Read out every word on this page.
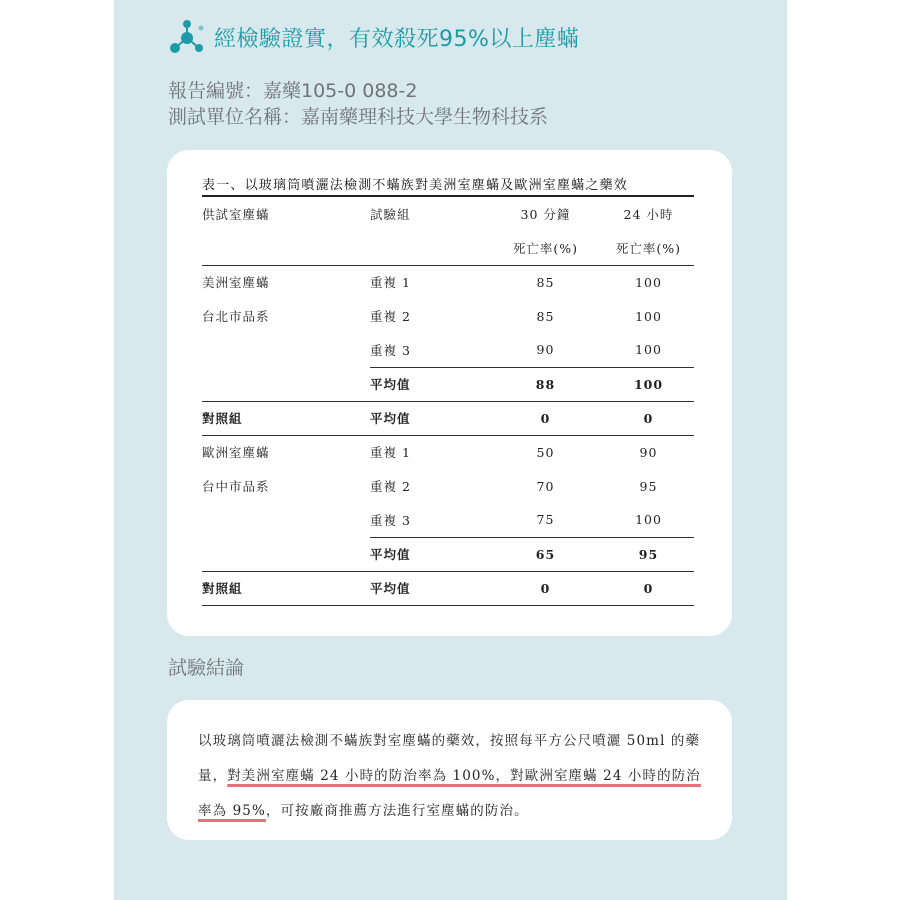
經檢驗證實，有效殺死95%以上塵蟎
報告編號：嘉藥105-0 088-2
測試單位名稱：嘉南藥理科技大學生物科技系
表一、以玻璃筒噴灑法檢測不蟎族對美洲室塵蟎及歐洲室塵蟎之藥效
供試室塵蟎	試驗組	30 分鐘	24 小時
		死亡率(%)	死亡率(%)
美洲室塵蟎	重複 1	85	100
台北市品系	重複 2	85	100
	重複 3	90	100
	平均值	88	100
對照組	平均值	0	0
歐洲室塵蟎	重複 1	50	90
台中市品系	重複 2	70	95
	重複 3	75	100
	平均值	65	95
對照組	平均值	0	0
試驗結論

以玻璃筒噴灑法檢測不蟎族對室塵蟎的藥效，按照每平方公尺噴灑 50ml 的藥量，對美洲室塵蟎 24 小時的防治率為 100%，對歐洲室塵蟎 24 小時的防治率為 95%，可按廠商推薦方法進行室塵蟎的防治。
